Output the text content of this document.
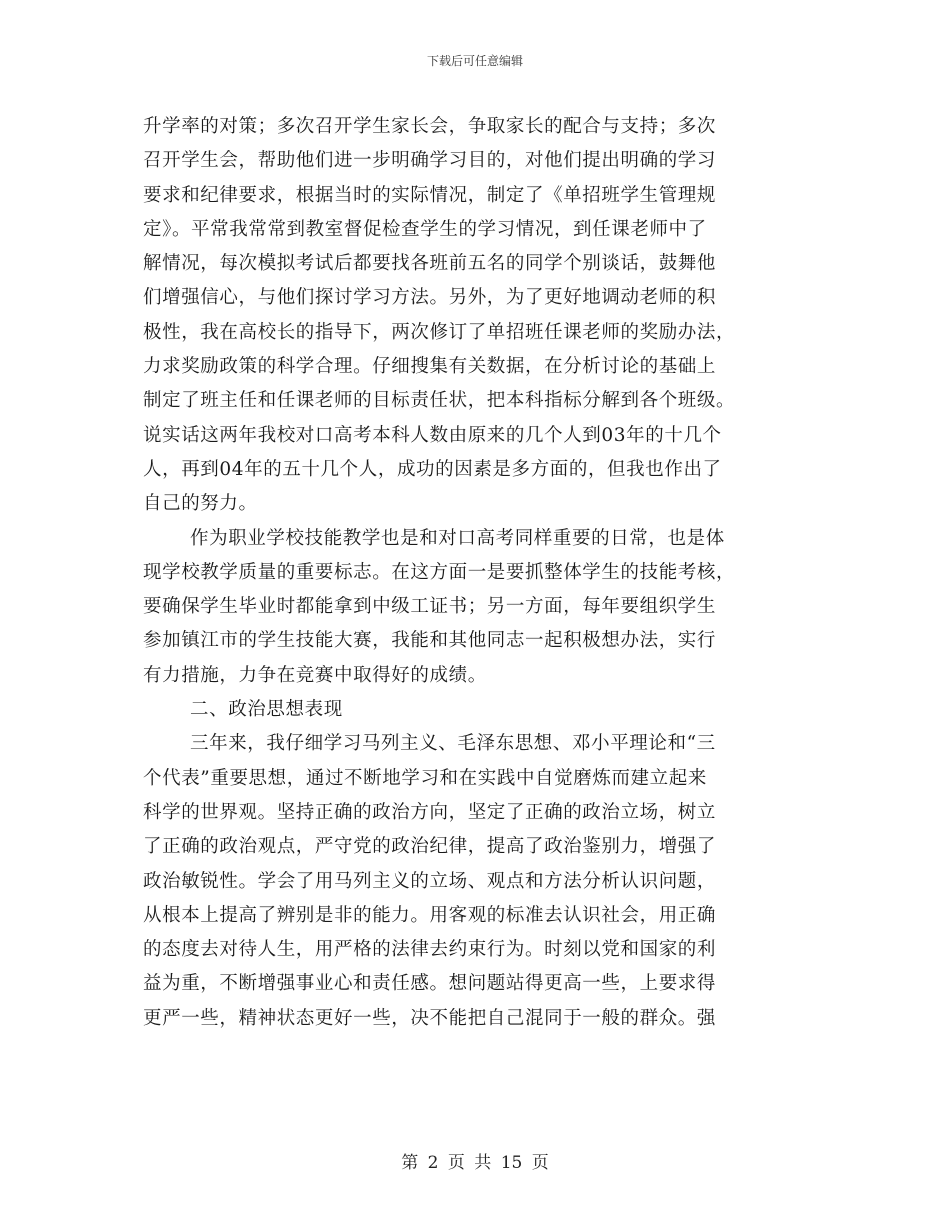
下载后可任意编辑
升学率的对策；多次召开学生家长会，争取家长的配合与支持；多次
召开学生会，帮助他们进一步明确学习目的，对他们提出明确的学习
要求和纪律要求，根据当时的实际情况，制定了《单招班学生管理规
定》。平常我常常到教室督促检查学生的学习情况，到任课老师中了
解情况，每次模拟考试后都要找各班前五名的同学个别谈话，鼓舞他
们增强信心，与他们探讨学习方法。另外，为了更好地调动老师的积
极性，我在高校长的指导下，两次修订了单招班任课老师的奖励办法，
力求奖励政策的科学合理。仔细搜集有关数据，在分析讨论的基础上
制定了班主任和任课老师的目标责任状，把本科指标分解到各个班级。
说实话这两年我校对口高考本科人数由原来的几个人到03年的十几个
人，再到04年的五十几个人，成功的因素是多方面的，但我也作出了
自己的努力。
作为职业学校技能教学也是和对口高考同样重要的日常，也是体
现学校教学质量的重要标志。在这方面一是要抓整体学生的技能考核，
要确保学生毕业时都能拿到中级工证书；另一方面，每年要组织学生
参加镇江市的学生技能大赛，我能和其他同志一起积极想办法，实行
有力措施，力争在竞赛中取得好的成绩。
二、政治思想表现
三年来，我仔细学习马列主义、毛泽东思想、邓小平理论和“三
个代表”重要思想，通过不断地学习和在实践中自觉磨炼而建立起来
科学的世界观。坚持正确的政治方向，坚定了正确的政治立场，树立
了正确的政治观点，严守党的政治纪律，提高了政治鉴别力，增强了
政治敏锐性。学会了用马列主义的立场、观点和方法分析认识问题，
从根本上提高了辨别是非的能力。用客观的标准去认识社会，用正确
的态度去对待人生，用严格的法律去约束行为。时刻以党和国家的利
益为重，不断增强事业心和责任感。想问题站得更高一些，上要求得
更严一些，精神状态更好一些，决不能把自己混同于一般的群众。强
第 2 页 共 15 页
